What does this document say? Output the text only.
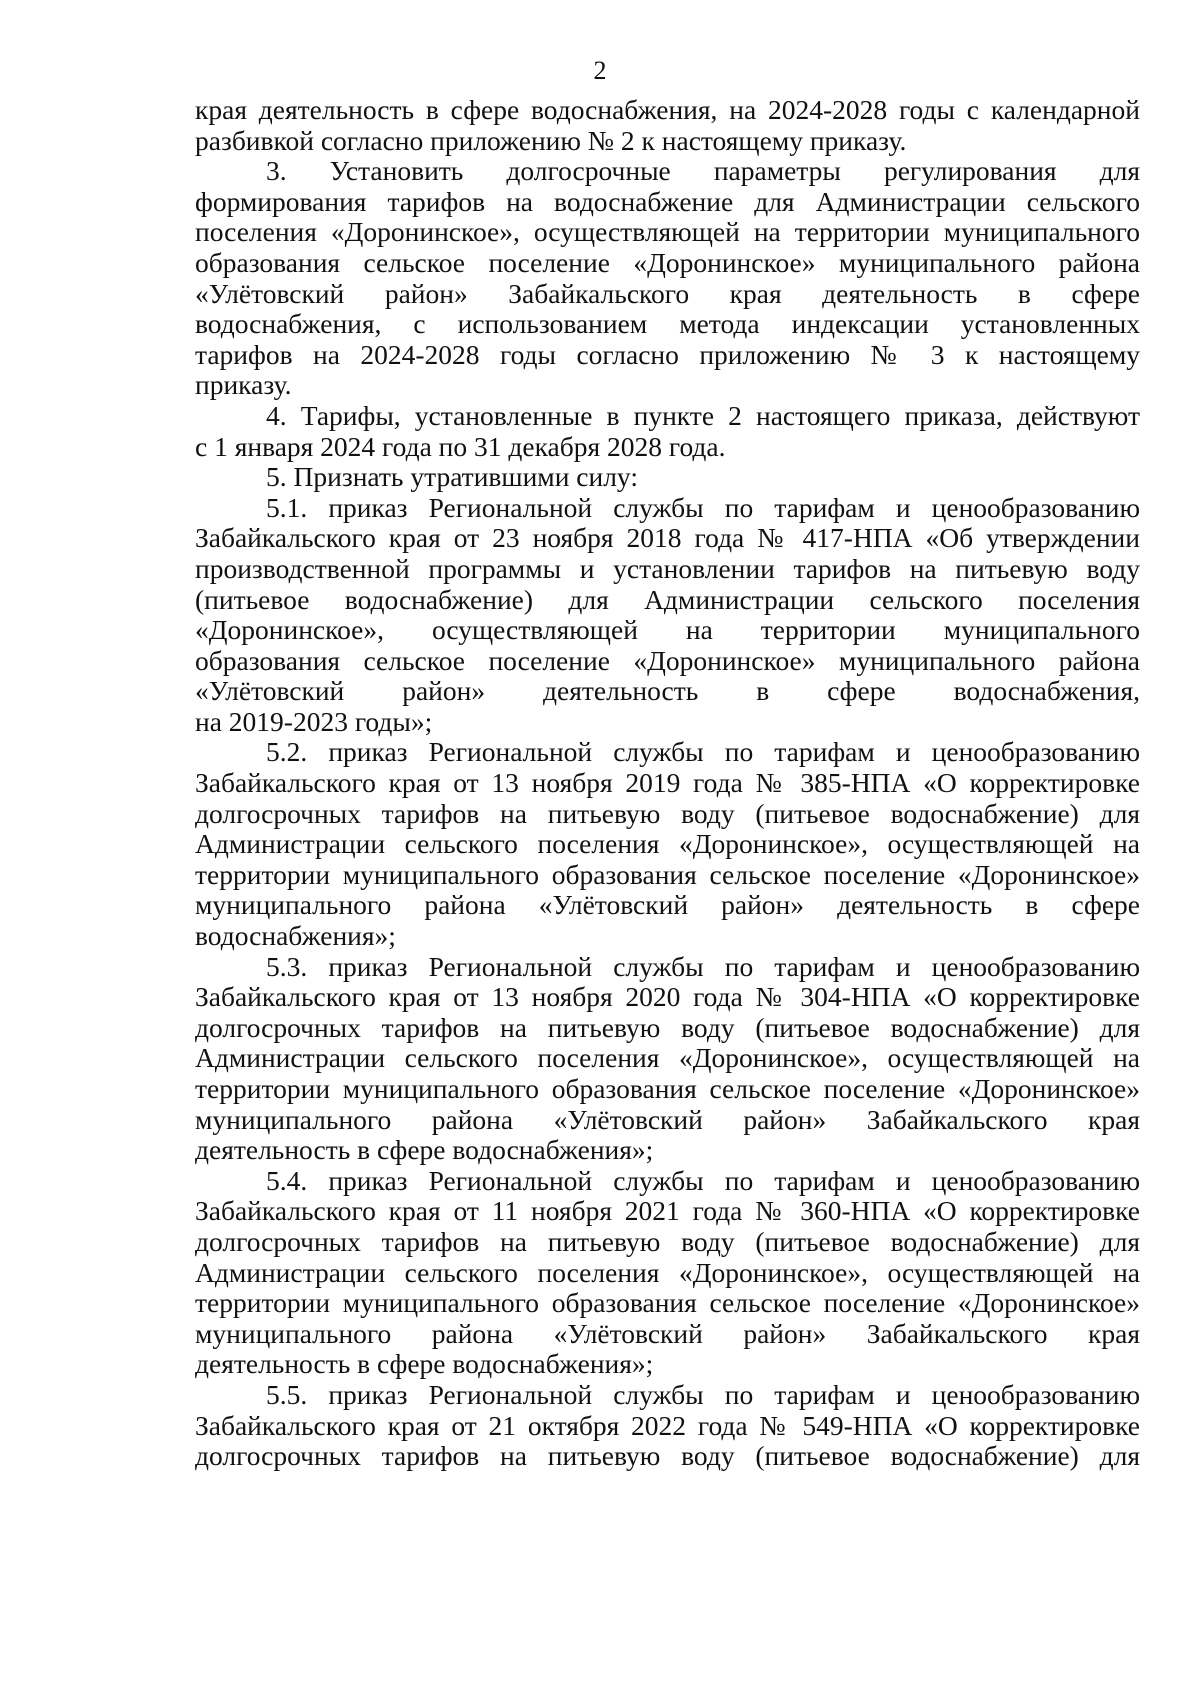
2
края деятельность в сфере водоснабжения, на 2024-2028 годы с календарной
разбивкой согласно приложению № 2 к настоящему приказу.
3. Установить долгосрочные параметры регулирования для
формирования тарифов на водоснабжение для Администрации сельского
поселения «Доронинское», осуществляющей на территории муниципального
образования сельское поселение «Доронинское» муниципального района
«Улётовский район» Забайкальского края деятельность в сфере
водоснабжения, с использованием метода индексации установленных
тарифов на 2024-2028 годы согласно приложению № 3 к настоящему
приказу.
4. Тарифы, установленные в пункте 2 настоящего приказа, действуют
с 1 января 2024 года по 31 декабря 2028 года.
5. Признать утратившими силу:
5.1. приказ Региональной службы по тарифам и ценообразованию
Забайкальского края от 23 ноября 2018 года № 417-НПА «Об утверждении
производственной программы и установлении тарифов на питьевую воду
(питьевое водоснабжение) для Администрации сельского поселения
«Доронинское», осуществляющей на территории муниципального
образования сельское поселение «Доронинское» муниципального района
«Улётовский район» деятельность в сфере водоснабжения,
на 2019-2023 годы»;
5.2. приказ Региональной службы по тарифам и ценообразованию
Забайкальского края от 13 ноября 2019 года № 385-НПА «О корректировке
долгосрочных тарифов на питьевую воду (питьевое водоснабжение) для
Администрации сельского поселения «Доронинское», осуществляющей на
территории муниципального образования сельское поселение «Доронинское»
муниципального района «Улётовский район» деятельность в сфере
водоснабжения»;
5.3. приказ Региональной службы по тарифам и ценообразованию
Забайкальского края от 13 ноября 2020 года № 304-НПА «О корректировке
долгосрочных тарифов на питьевую воду (питьевое водоснабжение) для
Администрации сельского поселения «Доронинское», осуществляющей на
территории муниципального образования сельское поселение «Доронинское»
муниципального района «Улётовский район» Забайкальского края
деятельность в сфере водоснабжения»;
5.4. приказ Региональной службы по тарифам и ценообразованию
Забайкальского края от 11 ноября 2021 года № 360-НПА «О корректировке
долгосрочных тарифов на питьевую воду (питьевое водоснабжение) для
Администрации сельского поселения «Доронинское», осуществляющей на
территории муниципального образования сельское поселение «Доронинское»
муниципального района «Улётовский район» Забайкальского края
деятельность в сфере водоснабжения»;
5.5. приказ Региональной службы по тарифам и ценообразованию
Забайкальского края от 21 октября 2022 года № 549-НПА «О корректировке
долгосрочных тарифов на питьевую воду (питьевое водоснабжение) для
